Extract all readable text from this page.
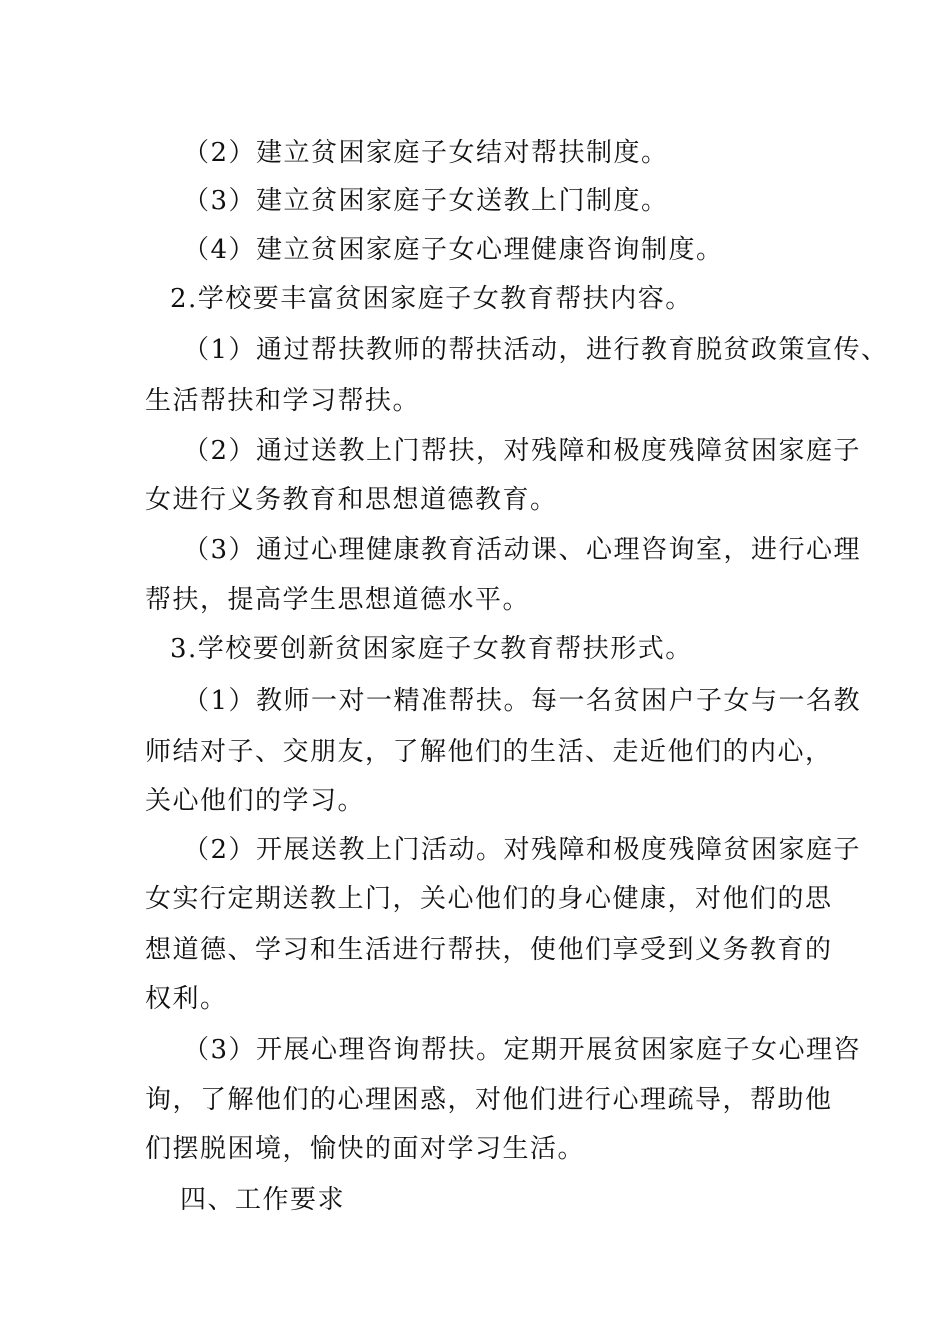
（2）建立贫困家庭子女结对帮扶制度。
（3）建立贫困家庭子女送教上门制度。
（4）建立贫困家庭子女心理健康咨询制度。
2.学校要丰富贫困家庭子女教育帮扶内容。
（1）通过帮扶教师的帮扶活动，进行教育脱贫政策宣传、
生活帮扶和学习帮扶。
（2）通过送教上门帮扶，对残障和极度残障贫困家庭子
女进行义务教育和思想道德教育。
（3）通过心理健康教育活动课、心理咨询室，进行心理
帮扶，提高学生思想道德水平。
3.学校要创新贫困家庭子女教育帮扶形式。
（1）教师一对一精准帮扶。每一名贫困户子女与一名教
师结对子、交朋友，了解他们的生活、走近他们的内心，
关心他们的学习。
（2）开展送教上门活动。对残障和极度残障贫困家庭子
女实行定期送教上门，关心他们的身心健康，对他们的思
想道德、学习和生活进行帮扶，使他们享受到义务教育的
权利。
（3）开展心理咨询帮扶。定期开展贫困家庭子女心理咨
询，了解他们的心理困惑，对他们进行心理疏导，帮助他
们摆脱困境，愉快的面对学习生活。
四、工作要求
